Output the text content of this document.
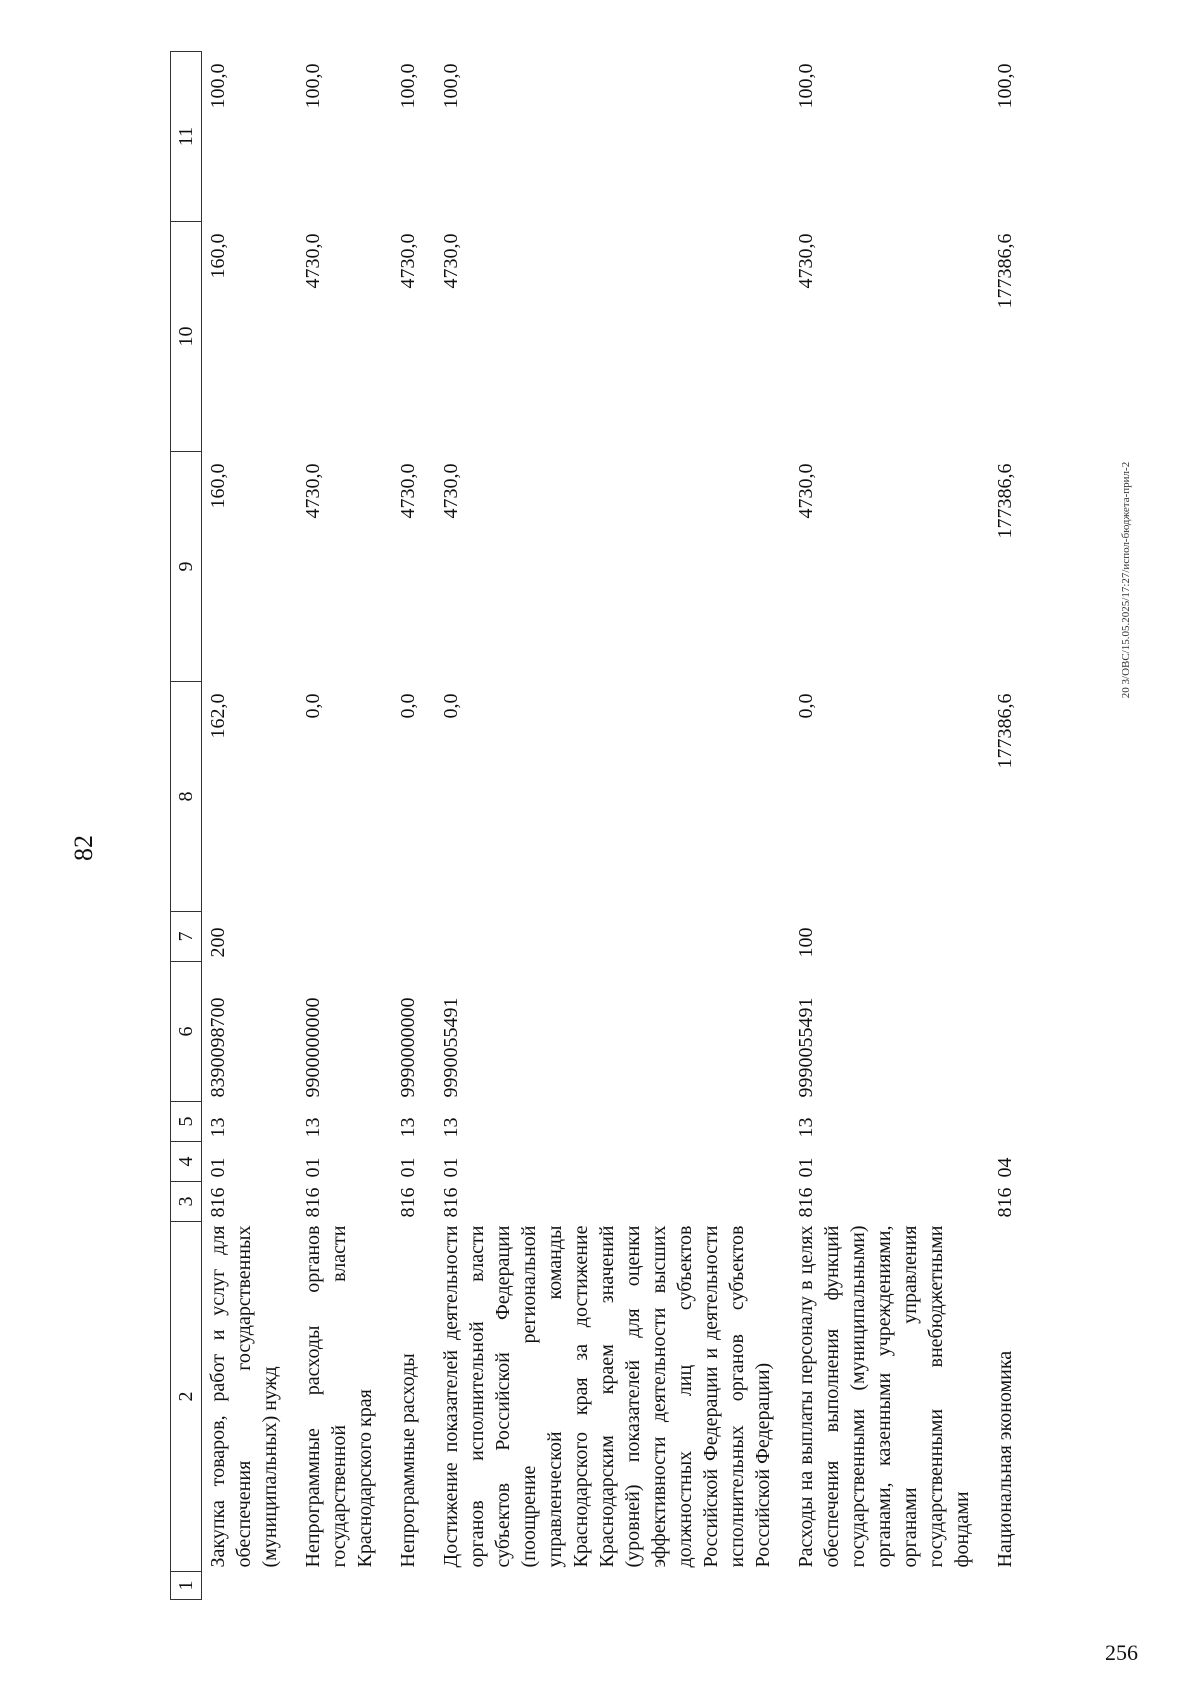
82
20 3/ОВС/15.05.2025/17:27/испол-бюджета-прил-2
256
1	2	3	4	5	6	7	8	9	10	11
	Закупка товаров, работ и услуг для обеспечения государственных (муниципальных) нужд	816	01	13	8390098700	200	162,0	160,0	160,0	100,0
	Непрограммные расходы органов государственной власти Краснодарского края	816	01	13	9900000000		0,0	4730,0	4730,0	100,0
	Непрограммные расходы	816	01	13	9990000000		0,0	4730,0	4730,0	100,0
	Достижение показателей деятельности органов исполнительной власти субъектов Российской Федерации (поощрение региональной управленческой команды Краснодарского края за достижение Краснодарским краем значений (уровней) показателей для оценки эффективности деятельности высших должностных лиц субъектов Российской Федерации и деятельности исполнительных органов субъектов Российской Федерации)	816	01	13	9990055491		0,0	4730,0	4730,0	100,0
	Расходы на выплаты персоналу в целях обеспечения выполнения функций государственными (муниципальными) органами, казенными учреждениями, органами управления государственными внебюджетными фондами	816	01	13	9990055491	100	0,0	4730,0	4730,0	100,0
	Национальная экономика	816	04				177386,6	177386,6	177386,6	100,0
